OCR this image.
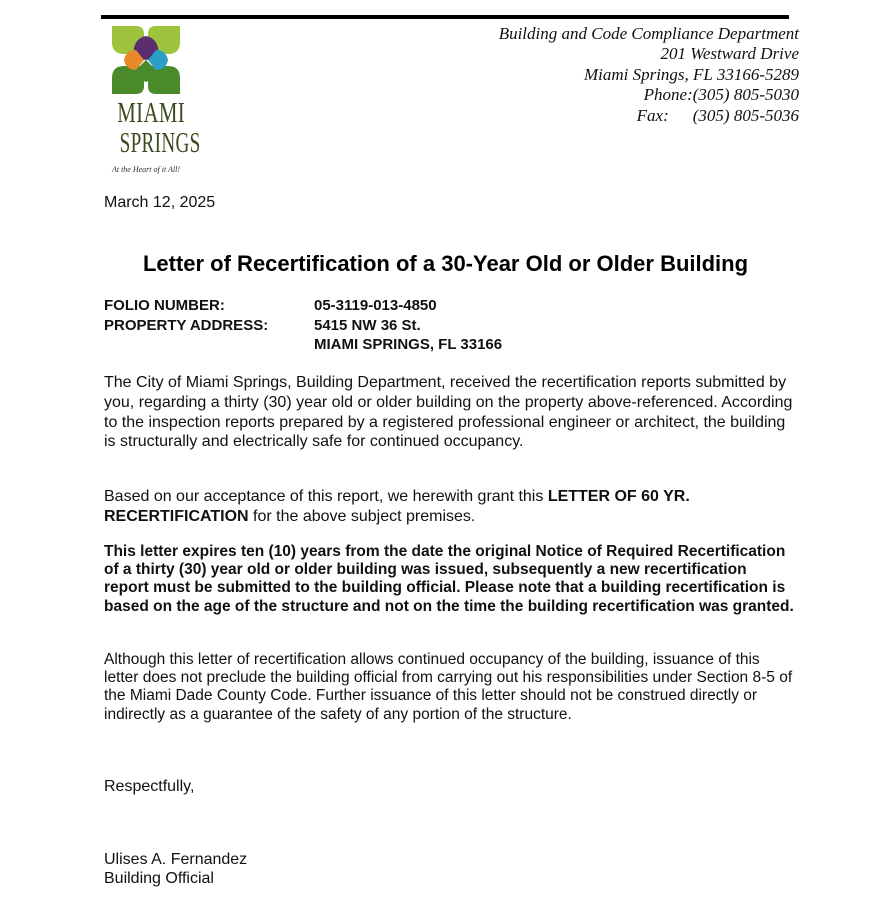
MIAMI
SPRINGS
At the Heart of it All!
Building and Code Compliance Department
201 Westward Drive
Miami Springs, FL 33166-5289
Phone:(305) 805-5030
Fax: (305) 805-5036
March 12, 2025
Letter of Recertification of a 30-Year Old or Older Building
FOLIO NUMBER:	05-3119-013-4850
PROPERTY ADDRESS:	5415 NW 36 St.
MIAMI SPRINGS, FL 33166
The City of Miami Springs, Building Department, received the recertification reports submitted by you, regarding a thirty (30) year old or older building on the property above-referenced. According to the inspection reports prepared by a registered professional engineer or architect, the building is structurally and electrically safe for continued occupancy.
Based on our acceptance of this report, we herewith grant this LETTER OF 60 YR. RECERTIFICATION for the above subject premises.
This letter expires ten (10) years from the date the original Notice of Required Recertification of a thirty (30) year old or older building was issued, subsequently a new recertification report must be submitted to the building official. Please note that a building recertification is based on the age of the structure and not on the time the building recertification was granted.
Although this letter of recertification allows continued occupancy of the building, issuance of this letter does not preclude the building official from carrying out his responsibilities under Section 8-5 of the Miami Dade County Code. Further issuance of this letter should not be construed directly or indirectly as a guarantee of the safety of any portion of the structure.
Respectfully,
Ulises A. Fernandez
Building Official
